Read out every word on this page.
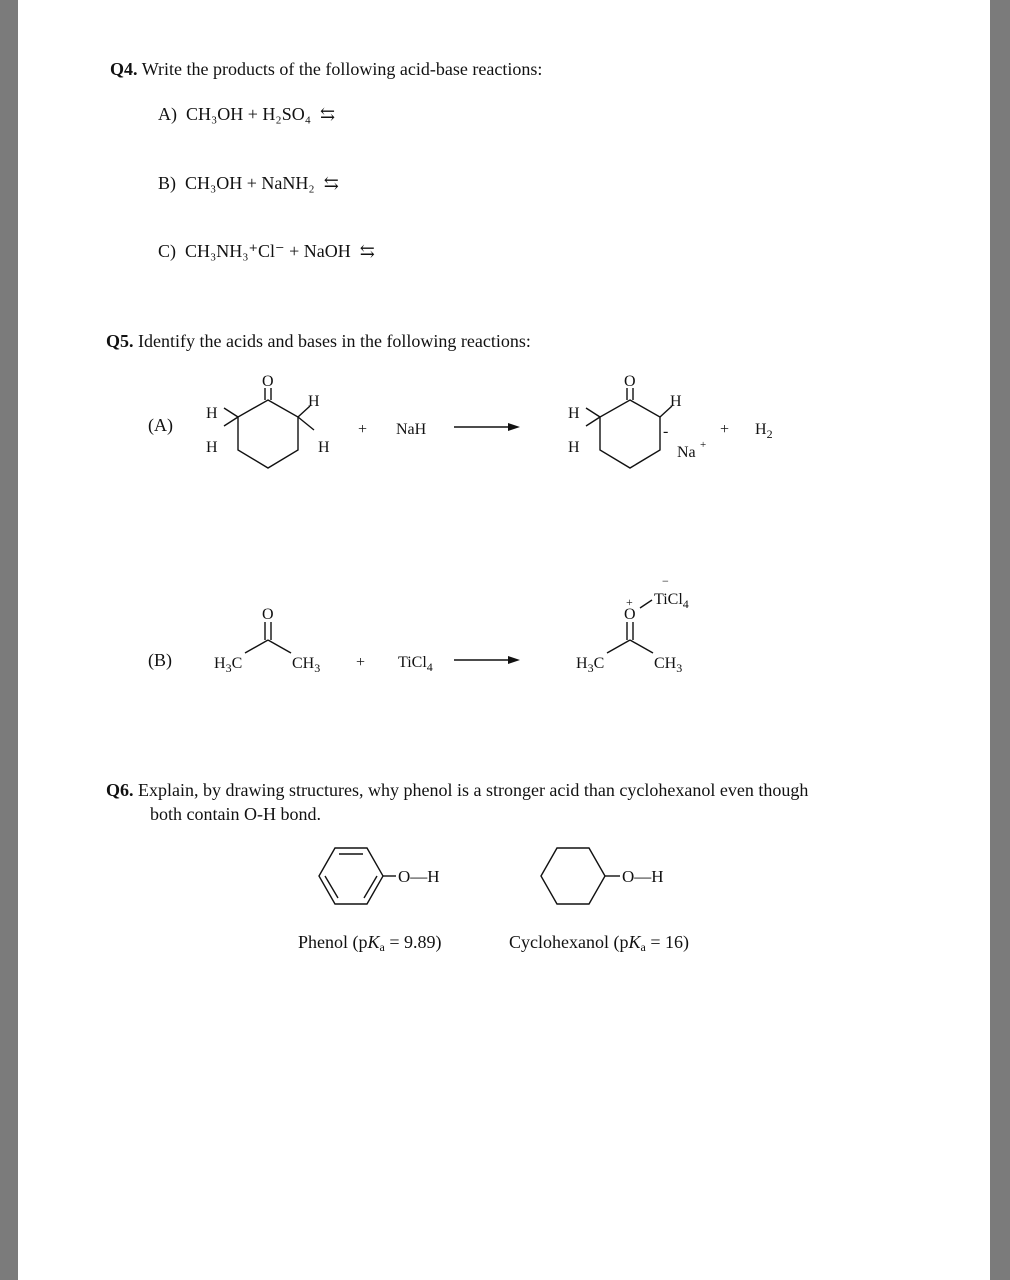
Q4. Write the products of the following acid-base reactions:
A) CH₃OH + H₂SO₄ ⇆
B) CH₃OH + NaNH₂ ⇆
C) CH₃NH₃⁺Cl⁻ + NaOH ⇆
Q5. Identify the acids and bases in the following reactions:
(A)
(B)
O
H
H
H
H
+ NaH
O
H
H
H
-
Na +
+ $H_2$
O
$H_3C$	$CH_3$ + TiCl$_4$
O
+
−
TiCl$_4$
$H_3C$	$CH_3$
O—H	O—H
Q6. Explain, by drawing structures, why phenol is a stronger acid than cyclohexanol even though
both contain O-H bond.
Phenol $(pK_a = 9.89)$	Cyclohexanol $(pK_a = 16)$
